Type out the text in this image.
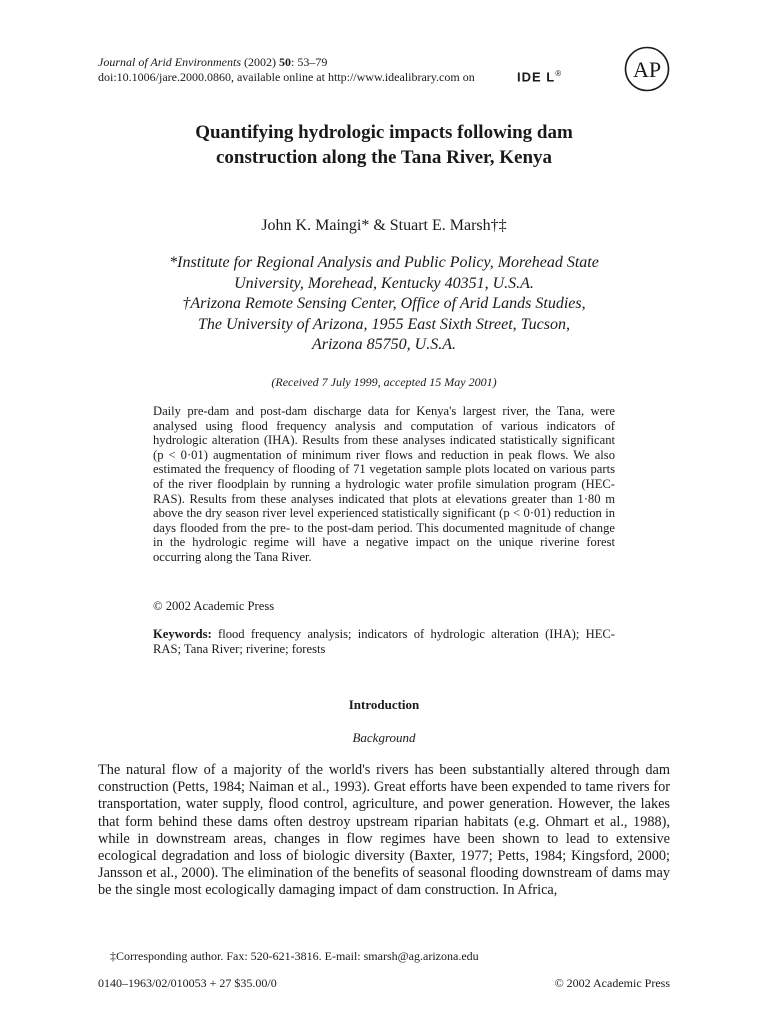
Journal of Arid Environments (2002) 50: 53–79
doi:10.1006/jare.2000.0860, available online at http://www.idealibrary.com on	IDE L®	AP
Quantifying hydrologic impacts following dam
construction along the Tana River, Kenya
John K. Maingi* & Stuart E. Marsh†‡
*Institute for Regional Analysis and Public Policy, Morehead State
University, Morehead, Kentucky 40351, U.S.A.
†Arizona Remote Sensing Center, Office of Arid Lands Studies,
The University of Arizona, 1955 East Sixth Street, Tucson,
Arizona 85750, U.S.A.
(Received 7 July 1999, accepted 15 May 2001)
Daily pre-dam and post-dam discharge data for Kenya's largest river, the Tana, were analysed using flood frequency analysis and computation of various indicators of hydrologic alteration (IHA). Results from these analyses indicated statistically significant (p < 0·01) augmentation of minimum river flows and reduction in peak flows. We also estimated the frequency of flooding of 71 vegetation sample plots located on various parts of the river floodplain by running a hydrologic water profile simulation program (HEC-RAS). Results from these analyses indicated that plots at elevations greater than 1·80 m above the dry season river level experienced statistically significant (p < 0·01) reduction in days flooded from the pre- to the post-dam period. This documented magnitude of change in the hydrologic regime will have a negative impact on the unique riverine forest occurring along the Tana River.
© 2002 Academic Press
Keywords: flood frequency analysis; indicators of hydrologic alteration (IHA); HEC-RAS; Tana River; riverine; forests
Introduction
Background
The natural flow of a majority of the world's rivers has been substantially altered through dam construction (Petts, 1984; Naiman et al., 1993). Great efforts have been expended to tame rivers for transportation, water supply, flood control, agriculture, and power generation. However, the lakes that form behind these dams often destroy upstream riparian habitats (e.g. Ohmart et al., 1988), while in downstream areas, changes in flow regimes have been shown to lead to extensive ecological degradation and loss of biologic diversity (Baxter, 1977; Petts, 1984; Kingsford, 2000; Jansson et al., 2000). The elimination of the benefits of seasonal flooding downstream of dams may be the single most ecologically damaging impact of dam construction. In Africa,
‡Corresponding author. Fax: 520-621-3816. E-mail: smarsh@ag.arizona.edu
0140–1963/02/010053 + 27 $35.00/0	© 2002 Academic Press
